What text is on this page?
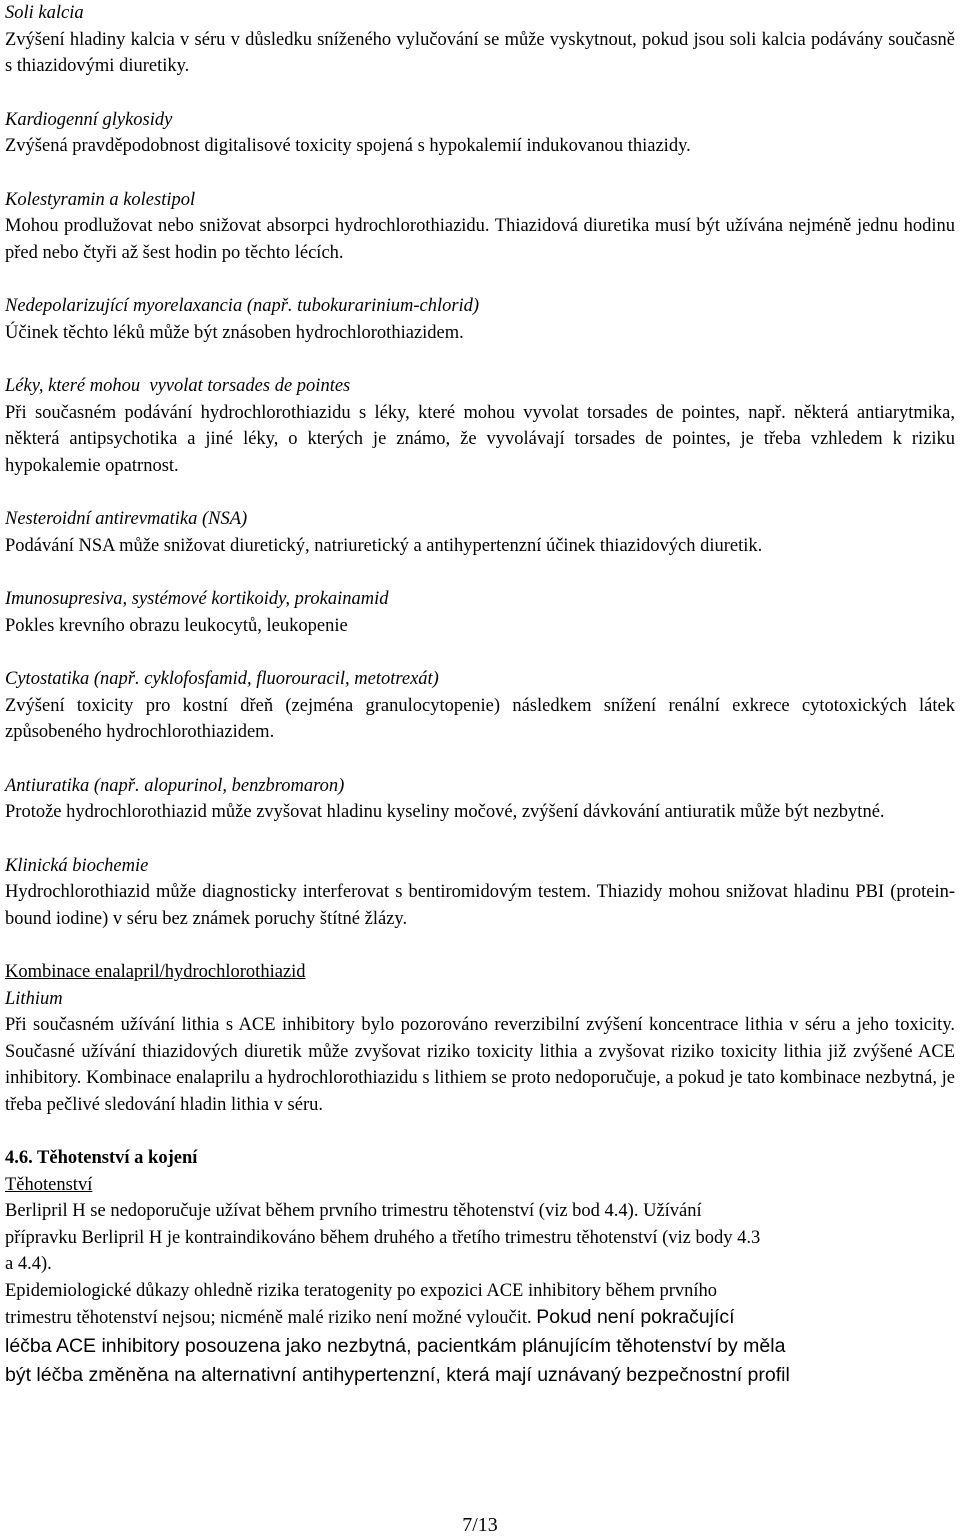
Soli kalcia

Zvýšení hladiny kalcia v séru v důsledku sníženého vylučování se může vyskytnout, pokud jsou soli kalcia podávány současně s thiazidovými diuretiky.

Kardiogenní glykosidy

Zvýšená pravděpodobnost digitalisové toxicity spojená s hypokalemií indukovanou thiazidy.

Kolestyramin a kolestipol

Mohou prodlužovat nebo snižovat absorpci hydrochlorothiazidu. Thiazidová diuretika musí být užívána nejméně jednu hodinu před nebo čtyři až šest hodin po těchto lécích.

Nedepolarizující myorelaxancia (např. tubokurarinium-chlorid)

Účinek těchto léků může být znásoben hydrochlorothiazidem.

Léky, které mohou  vyvolat torsades de pointes

Při současném podávání hydrochlorothiazidu s léky, které mohou vyvolat torsades de pointes, např. některá antiarytmika, některá antipsychotika a jiné léky, o kterých je známo, že vyvolávají torsades de pointes, je třeba vzhledem k riziku hypokalemie opatrnost.

Nesteroidní antirevmatika (NSA)

Podávání NSA může snižovat diuretický, natriuretický a antihypertenzní účinek thiazidových diuretik.

Imunosupresiva, systémové kortikoidy, prokainamid

Pokles krevního obrazu leukocytů, leukopenie

Cytostatika (např. cyklofosfamid, fluorouracil, metotrexát)

Zvýšení toxicity pro kostní dřeň (zejména granulocytopenie) následkem snížení renální exkrece cytotoxických látek způsobeného hydrochlorothiazidem.

Antiuratika (např. alopurinol, benzbromaron)

Protože hydrochlorothiazid může zvyšovat hladinu kyseliny močové, zvýšení dávkování antiuratik může být nezbytné.

Klinická biochemie

Hydrochlorothiazid může diagnosticky interferovat s bentiromidovým testem. Thiazidy mohou snižovat hladinu PBI (protein-bound iodine) v séru bez známek poruchy štítné žlázy.

Kombinace enalapril/hydrochlorothiazid
Lithium

Při současném užívání lithia s ACE inhibitory bylo pozorováno reverzibilní zvýšení koncentrace lithia v séru a jeho toxicity. Současné užívání thiazidových diuretik může zvyšovat riziko toxicity lithia a zvyšovat riziko toxicity lithia již zvýšené ACE inhibitory. Kombinace enalaprilu a hydrochlorothiazidu s lithiem se proto nedoporučuje, a pokud je tato kombinace nezbytná, je třeba pečlivé sledování hladin lithia v séru.

4.6. Těhotenství a kojení
Těhotenství
Berlipril H se nedoporučuje užívat během prvního trimestru těhotenství (viz bod 4.4). Užívání
přípravku Berlipril H je kontraindikováno během druhého a třetího trimestru těhotenství (viz body 4.3
a 4.4).
Epidemiologické důkazy ohledně rizika teratogenity po expozici ACE inhibitory během prvního
trimestru těhotenství nejsou; nicméně malé riziko není možné vyloučit. Pokud není pokračující
léčba ACE inhibitory posouzena jako nezbytná, pacientkám plánujícím těhotenství by měla
být léčba změněna na alternativní antihypertenzní, která mají uznávaný bezpečnostní profil
7/13
